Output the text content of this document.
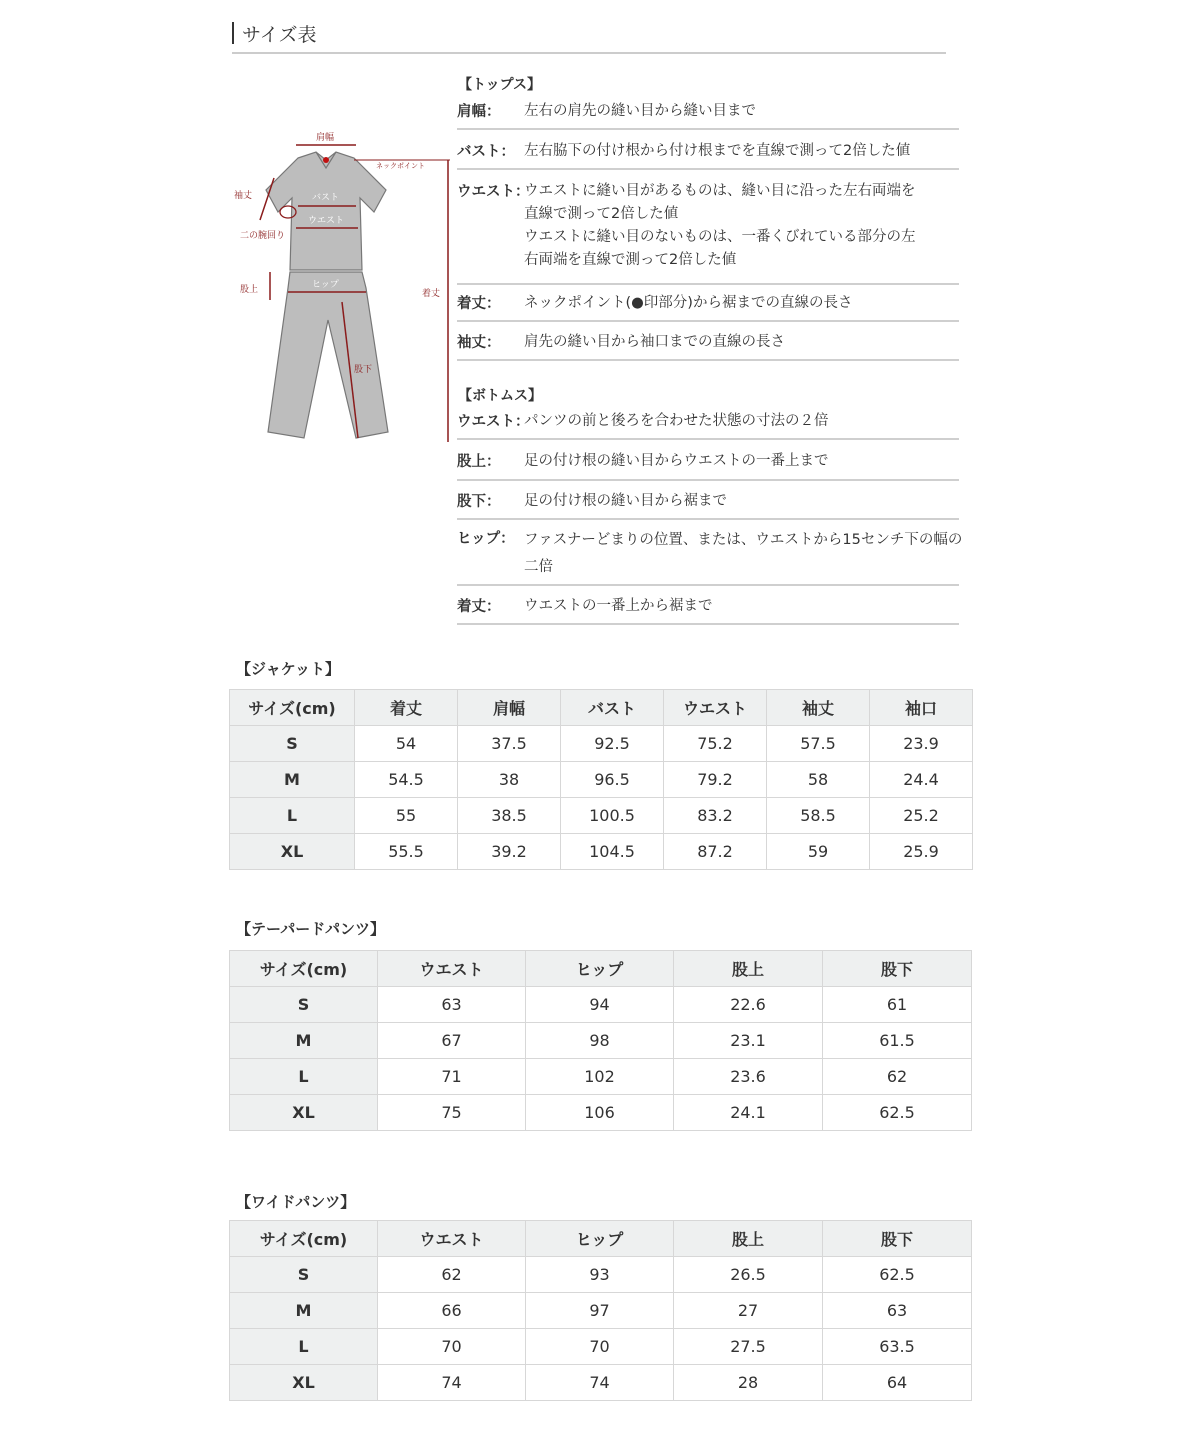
サイズ表
肩幅
ネックポイント
袖丈
二の腕回り
バスト
ウエスト
股上	ヒップ
着丈
股下
【トップス】
肩幅： 左右の肩先の縫い目から縫い目まで
バスト： 左右脇下の付け根から付け根までを直線で測って2倍した値
ウエスト：
ウエストに縫い目があるものは、縫い目に沿った左右両端を直線で測って2倍した値
ウエストに縫い目のないものは、一番くびれている部分の左右両端を直線で測って2倍した値
着丈： ネックポイント(●印部分)から裾までの直線の長さ
袖丈： 肩先の縫い目から袖口までの直線の長さ
【ボトムス】
ウエスト：
パンツの前と後ろを合わせた状態の寸法の２倍
股上： 足の付け根の縫い目からウエストの一番上まで
股下： 足の付け根の縫い目から裾まで
ヒップ： ファスナーどまりの位置、または、ウエストから15センチ下の幅の二倍
着丈： ウエストの一番上から裾まで
【ジャケット】
サイズ(cm)	着丈	肩幅	バスト	ウエスト	袖丈	袖口
S	54	37.5	92.5	75.2	57.5	23.9
M	54.5	38	96.5	79.2	58	24.4
L	55	38.5	100.5	83.2	58.5	25.2
XL	55.5	39.2	104.5	87.2	59	25.9
【テーパードパンツ】
サイズ(cm)	ウエスト	ヒップ	股上	股下
S	63	94	22.6	61
M	67	98	23.1	61.5
L	71	102	23.6	62
XL	75	106	24.1	62.5
【ワイドパンツ】
サイズ(cm)	ウエスト	ヒップ	股上	股下
S	62	93	26.5	62.5
M	66	97	27	63
L	70	70	27.5	63.5
XL	74	74	28	64
